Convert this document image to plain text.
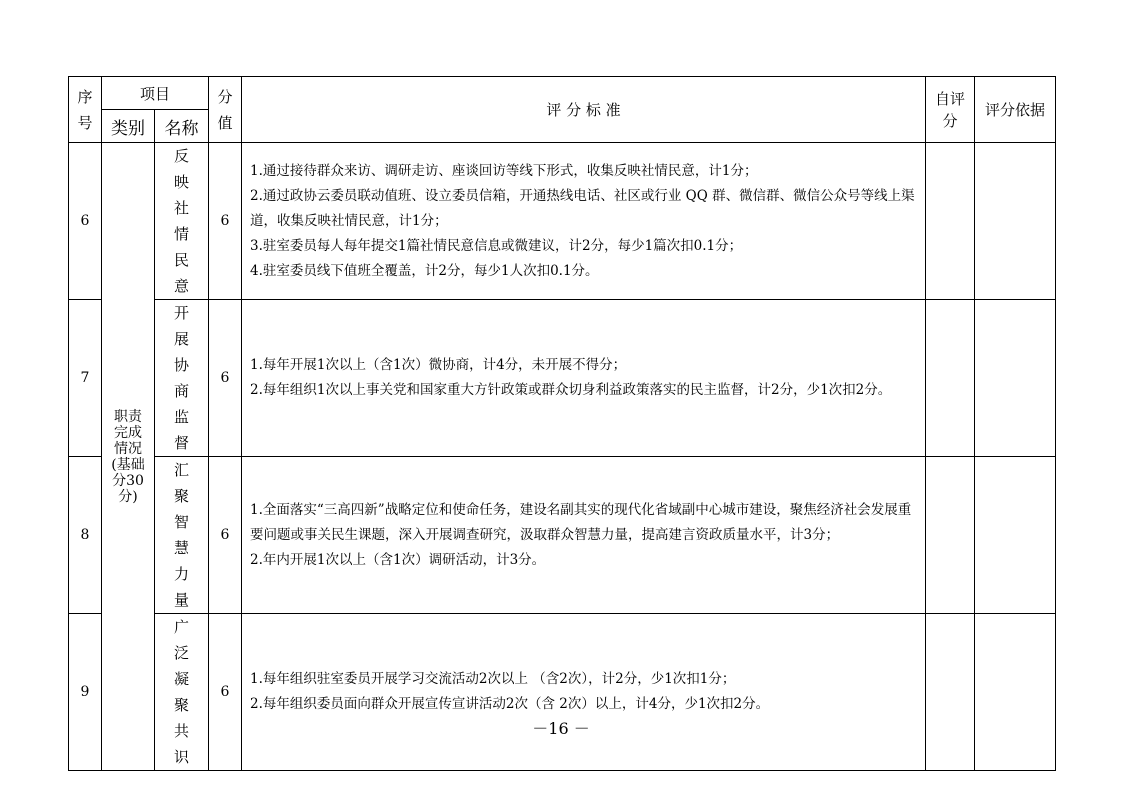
序号	项目		分值	评 分 标 准	自评分	评分依据
	类别	名称				
6	职责完成情况(基础分30分)	反映社情民意	6	1.通过接待群众来访、调研走访、座谈回访等线下形式，收集反映社情民意，计1分；
2.通过政协云委员联动值班、设立委员信箱，开通热线电话、社区或行业 QQ 群、微信群、微信公众号等线上渠道，收集反映社情民意，计1分；
3.驻室委员每人每年提交1篇社情民意信息或微建议，计2分，每少1篇次扣0.1分；
4.驻室委员线下值班全覆盖，计2分，每少1人次扣0.1分。		

7		开展协商监督	6	1.每年开展1次以上（含1次）微协商，计4分，未开展不得分；
2.每年组织1次以上事关党和国家重大方针政策或群众切身利益政策落实的民主监督，计2分，少1次扣2分。		

8		汇聚智慧力量	6	1.全面落实“三高四新”战略定位和使命任务，建设名副其实的现代化省域副中心城市建设，聚焦经济社会发展重要问题或事关民生课题，深入开展调查研究，汲取群众智慧力量，提高建言资政质量水平，计3分；
2.年内开展1次以上（含1次）调研活动，计3分。		

9		广泛凝聚共识	6	1.每年组织驻室委员开展学习交流活动2次以上 （含2次），计2分，少1次扣1分；
2.每年组织委员面向群众开展宣传宣讲活动2次（含 2次）以上，计4分，少1次扣2分。		

－16 －
